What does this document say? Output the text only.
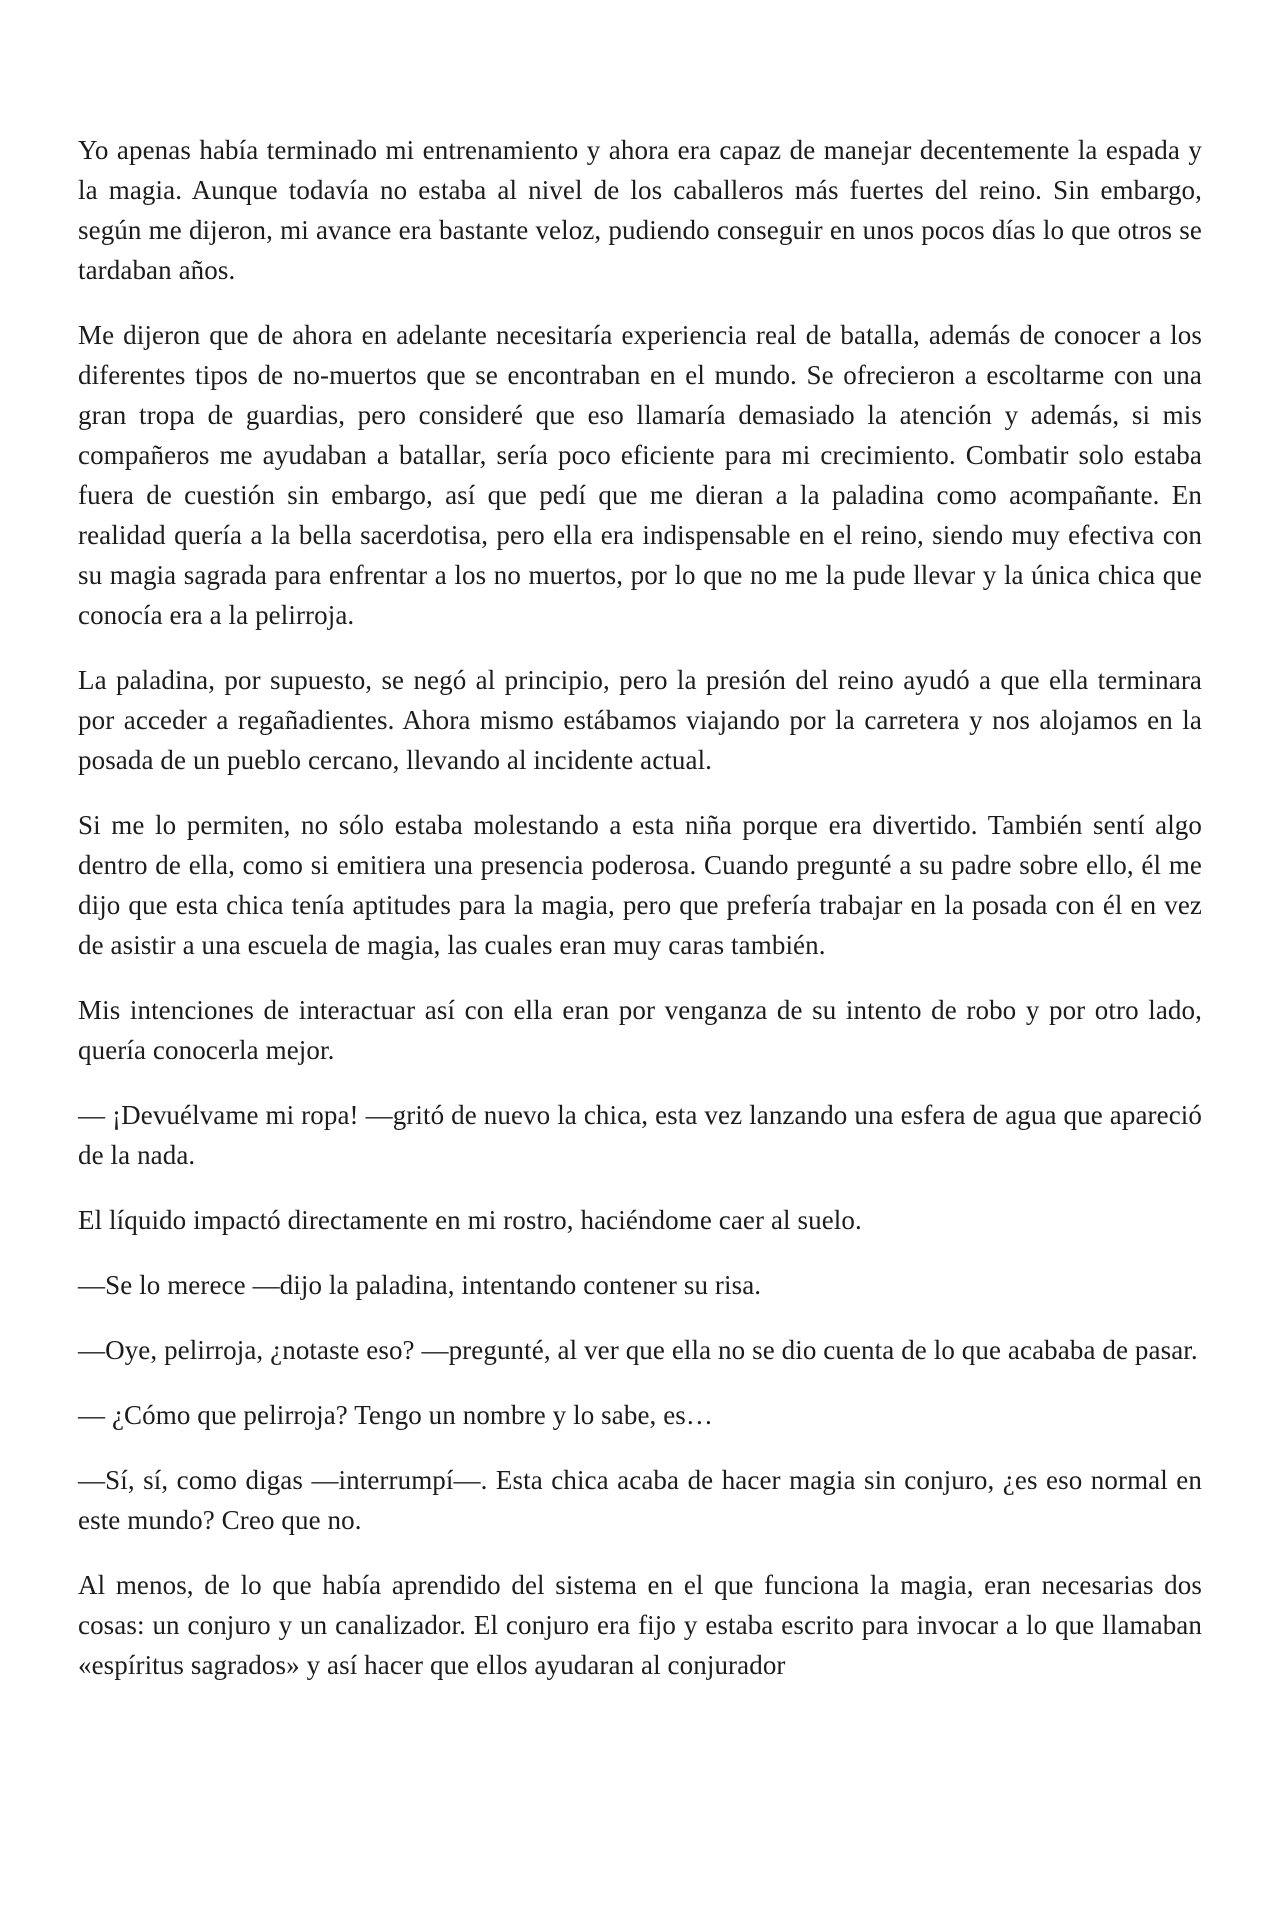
Yo apenas había terminado mi entrenamiento y ahora era capaz de manejar decentemente la espada y la magia. Aunque todavía no estaba al nivel de los caballeros más fuertes del reino. Sin embargo, según me dijeron, mi avance era bastante veloz, pudiendo conseguir en unos pocos días lo que otros se tardaban años.

Me dijeron que de ahora en adelante necesitaría experiencia real de batalla, además de conocer a los diferentes tipos de no-muertos que se encontraban en el mundo. Se ofrecieron a escoltarme con una gran tropa de guardias, pero consideré que eso llamaría demasiado la atención y además, si mis compañeros me ayudaban a batallar, sería poco eficiente para mi crecimiento. Combatir solo estaba fuera de cuestión sin embargo, así que pedí que me dieran a la paladina como acompañante. En realidad quería a la bella sacerdotisa, pero ella era indispensable en el reino, siendo muy efectiva con su magia sagrada para enfrentar a los no muertos, por lo que no me la pude llevar y la única chica que conocía era a la pelirroja.

La paladina, por supuesto, se negó al principio, pero la presión del reino ayudó a que ella terminara por acceder a regañadientes. Ahora mismo estábamos viajando por la carretera y nos alojamos en la posada de un pueblo cercano, llevando al incidente actual.

Si me lo permiten, no sólo estaba molestando a esta niña porque era divertido. También sentí algo dentro de ella, como si emitiera una presencia poderosa. Cuando pregunté a su padre sobre ello, él me dijo que esta chica tenía aptitudes para la magia, pero que prefería trabajar en la posada con él en vez de asistir a una escuela de magia, las cuales eran muy caras también.

Mis intenciones de interactuar así con ella eran por venganza de su intento de robo y por otro lado, quería conocerla mejor.

— ¡Devuélvame mi ropa! —gritó de nuevo la chica, esta vez lanzando una esfera de agua que apareció de la nada.

El líquido impactó directamente en mi rostro, haciéndome caer al suelo.

—Se lo merece —dijo la paladina, intentando contener su risa.

—Oye, pelirroja, ¿notaste eso? —pregunté, al ver que ella no se dio cuenta de lo que acababa de pasar.

— ¿Cómo que pelirroja? Tengo un nombre y lo sabe, es…

—Sí, sí, como digas —interrumpí—. Esta chica acaba de hacer magia sin conjuro, ¿es eso normal en este mundo? Creo que no.

Al menos, de lo que había aprendido del sistema en el que funciona la magia, eran necesarias dos cosas: un conjuro y un canalizador. El conjuro era fijo y estaba escrito para invocar a lo que llamaban «espíritus sagrados» y así hacer que ellos ayudaran al conjurador
